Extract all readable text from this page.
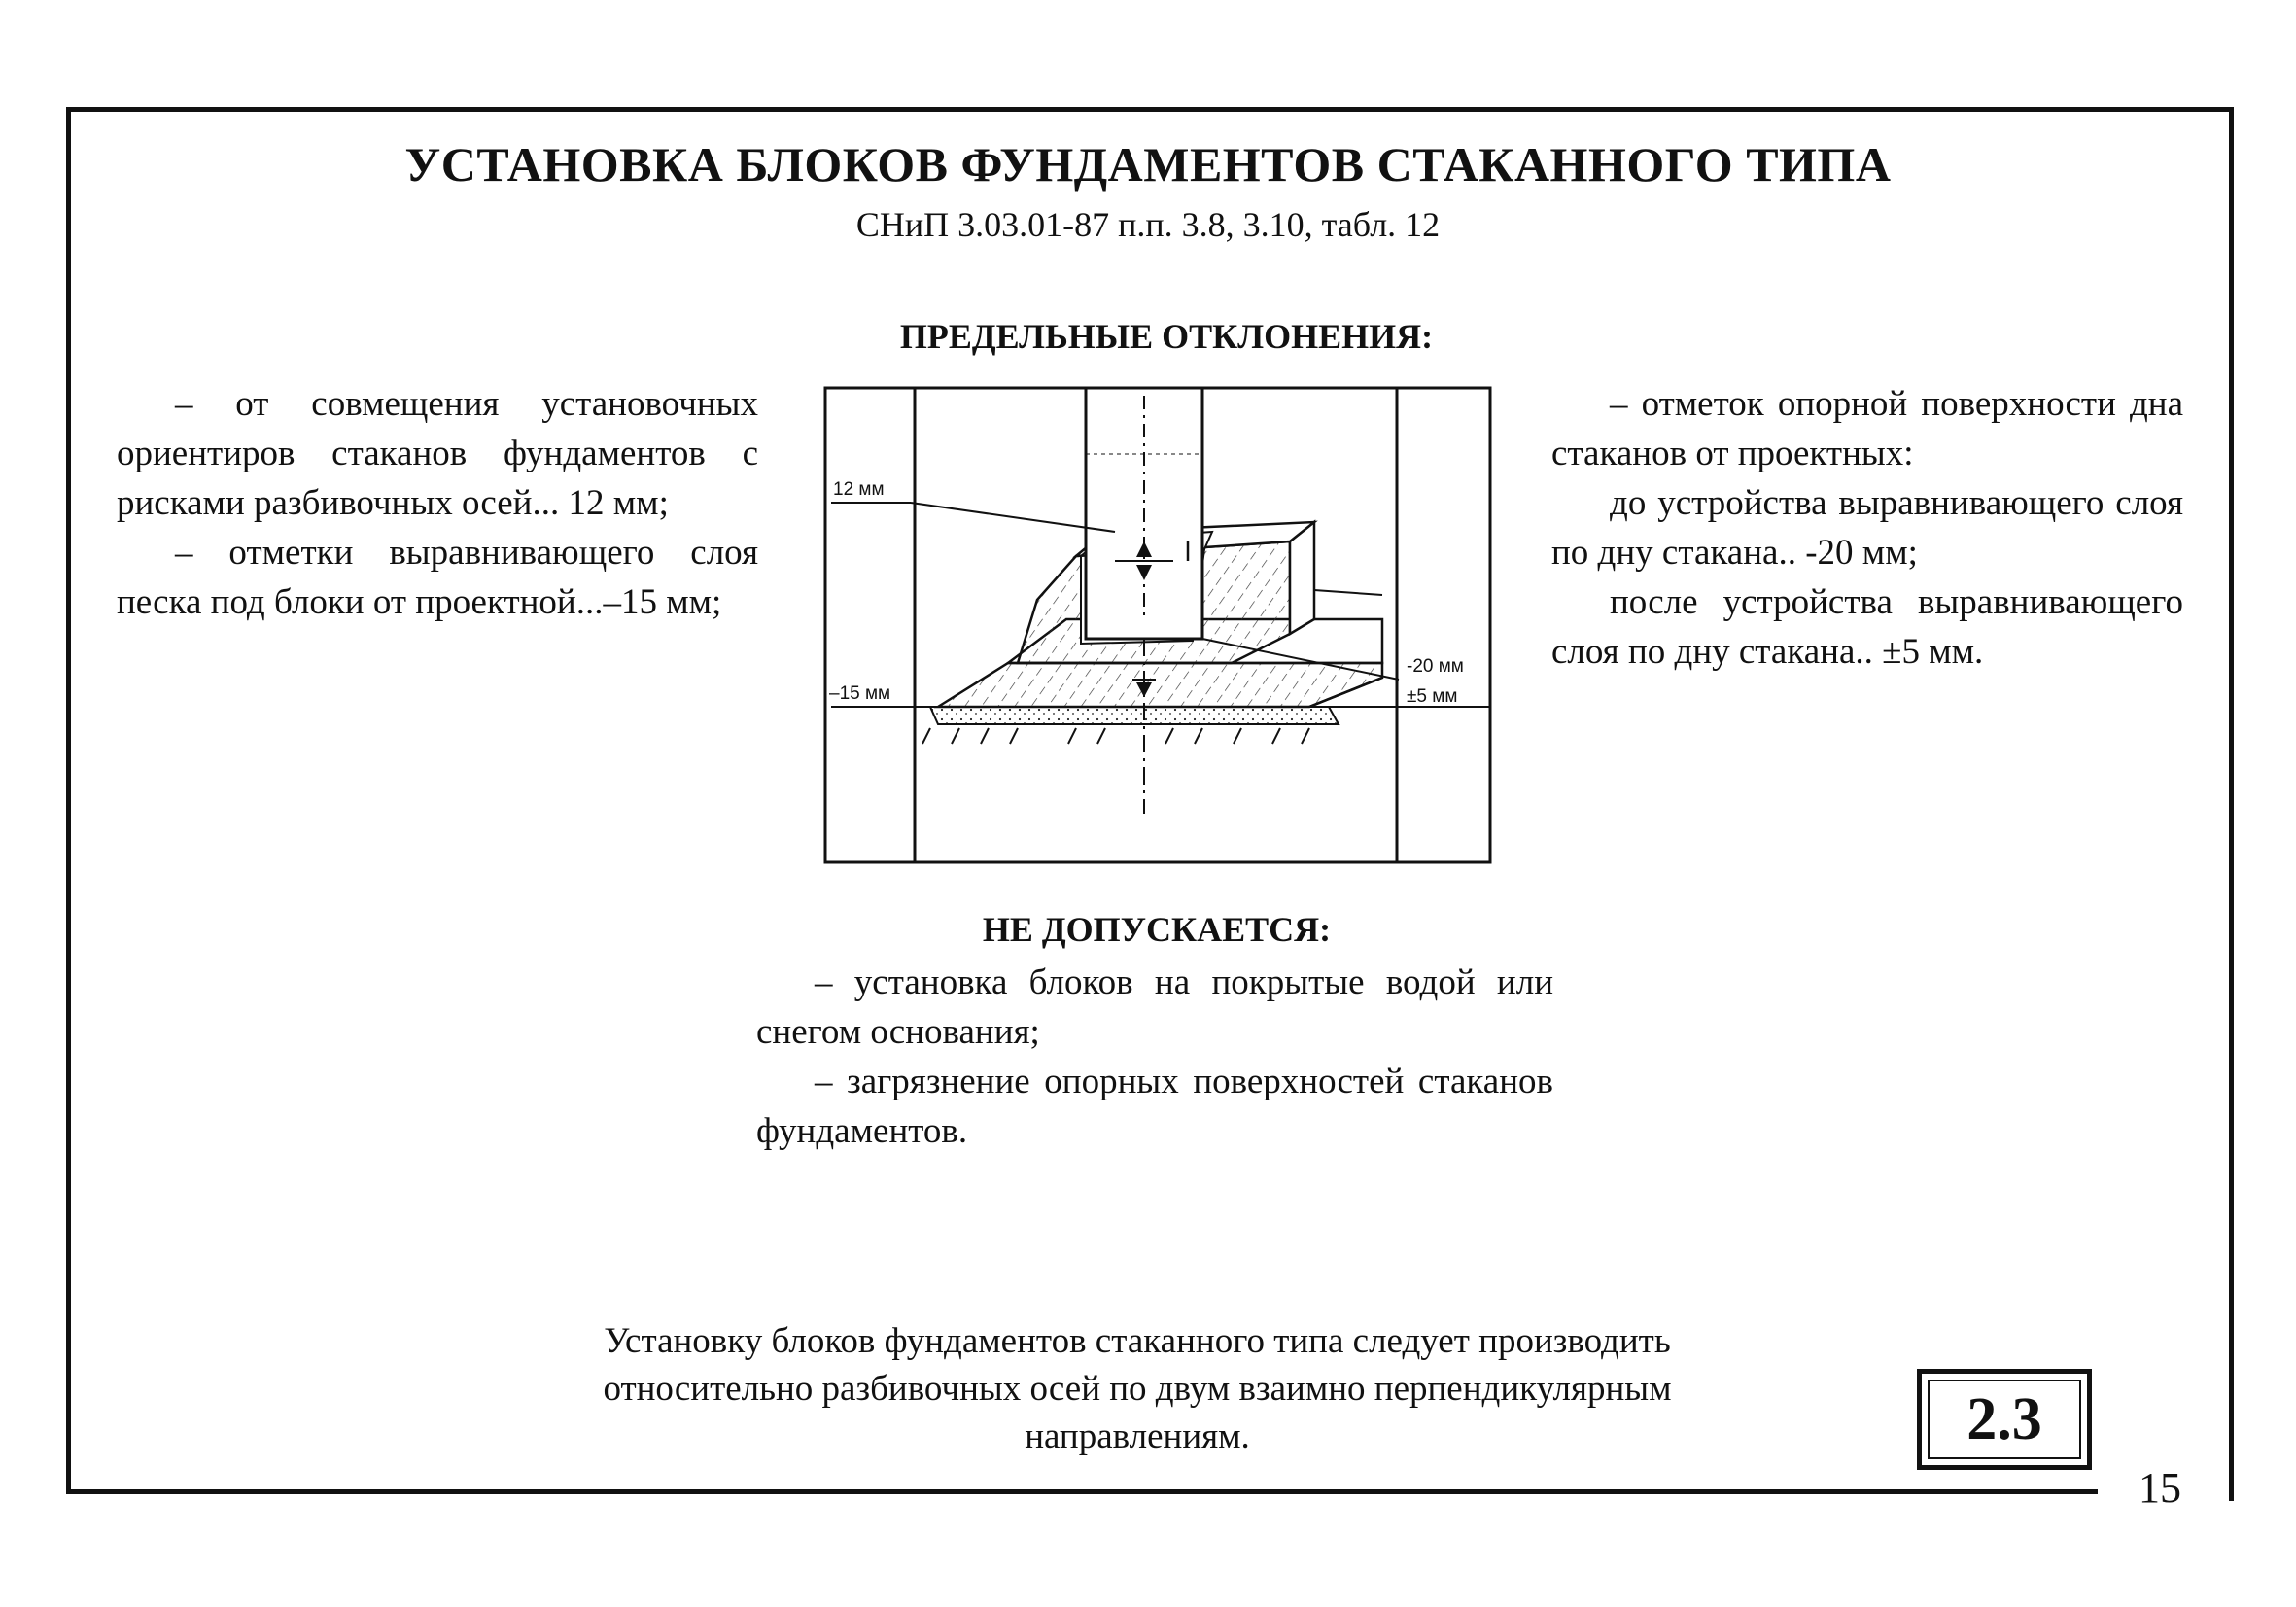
УСТАНОВКА БЛОКОВ ФУНДАМЕНТОВ СТАКАННОГО ТИПА
СНиП 3.03.01-87 п.п. 3.8, 3.10, табл. 12
ПРЕДЕЛЬНЫЕ ОТКЛОНЕНИЯ:

– от совмещения установочных ориентиров стаканов фундаментов с рисками разбивочных осей... 12 мм;

– отметки выравнивающего слоя песка под блоки от проектной...–15 мм;

12 мм
–15 мм
-20 мм
±5 мм

– отметок опорной поверхности дна стаканов от проектных:

до устройства выравнивающего слоя по дну стакана.. -20 мм;

после устройства выравнивающего слоя по дну стакана.. ±5 мм.

НЕ ДОПУСКАЕТСЯ:

– установка блоков на покрытые водой или снегом основания;

– загрязнение опорных поверхностей стаканов фундаментов.

Установку блоков фундаментов стаканного типа следует производить относительно разбивочных осей по двум взаимно перпендикулярным направлениям.	2.3
15
